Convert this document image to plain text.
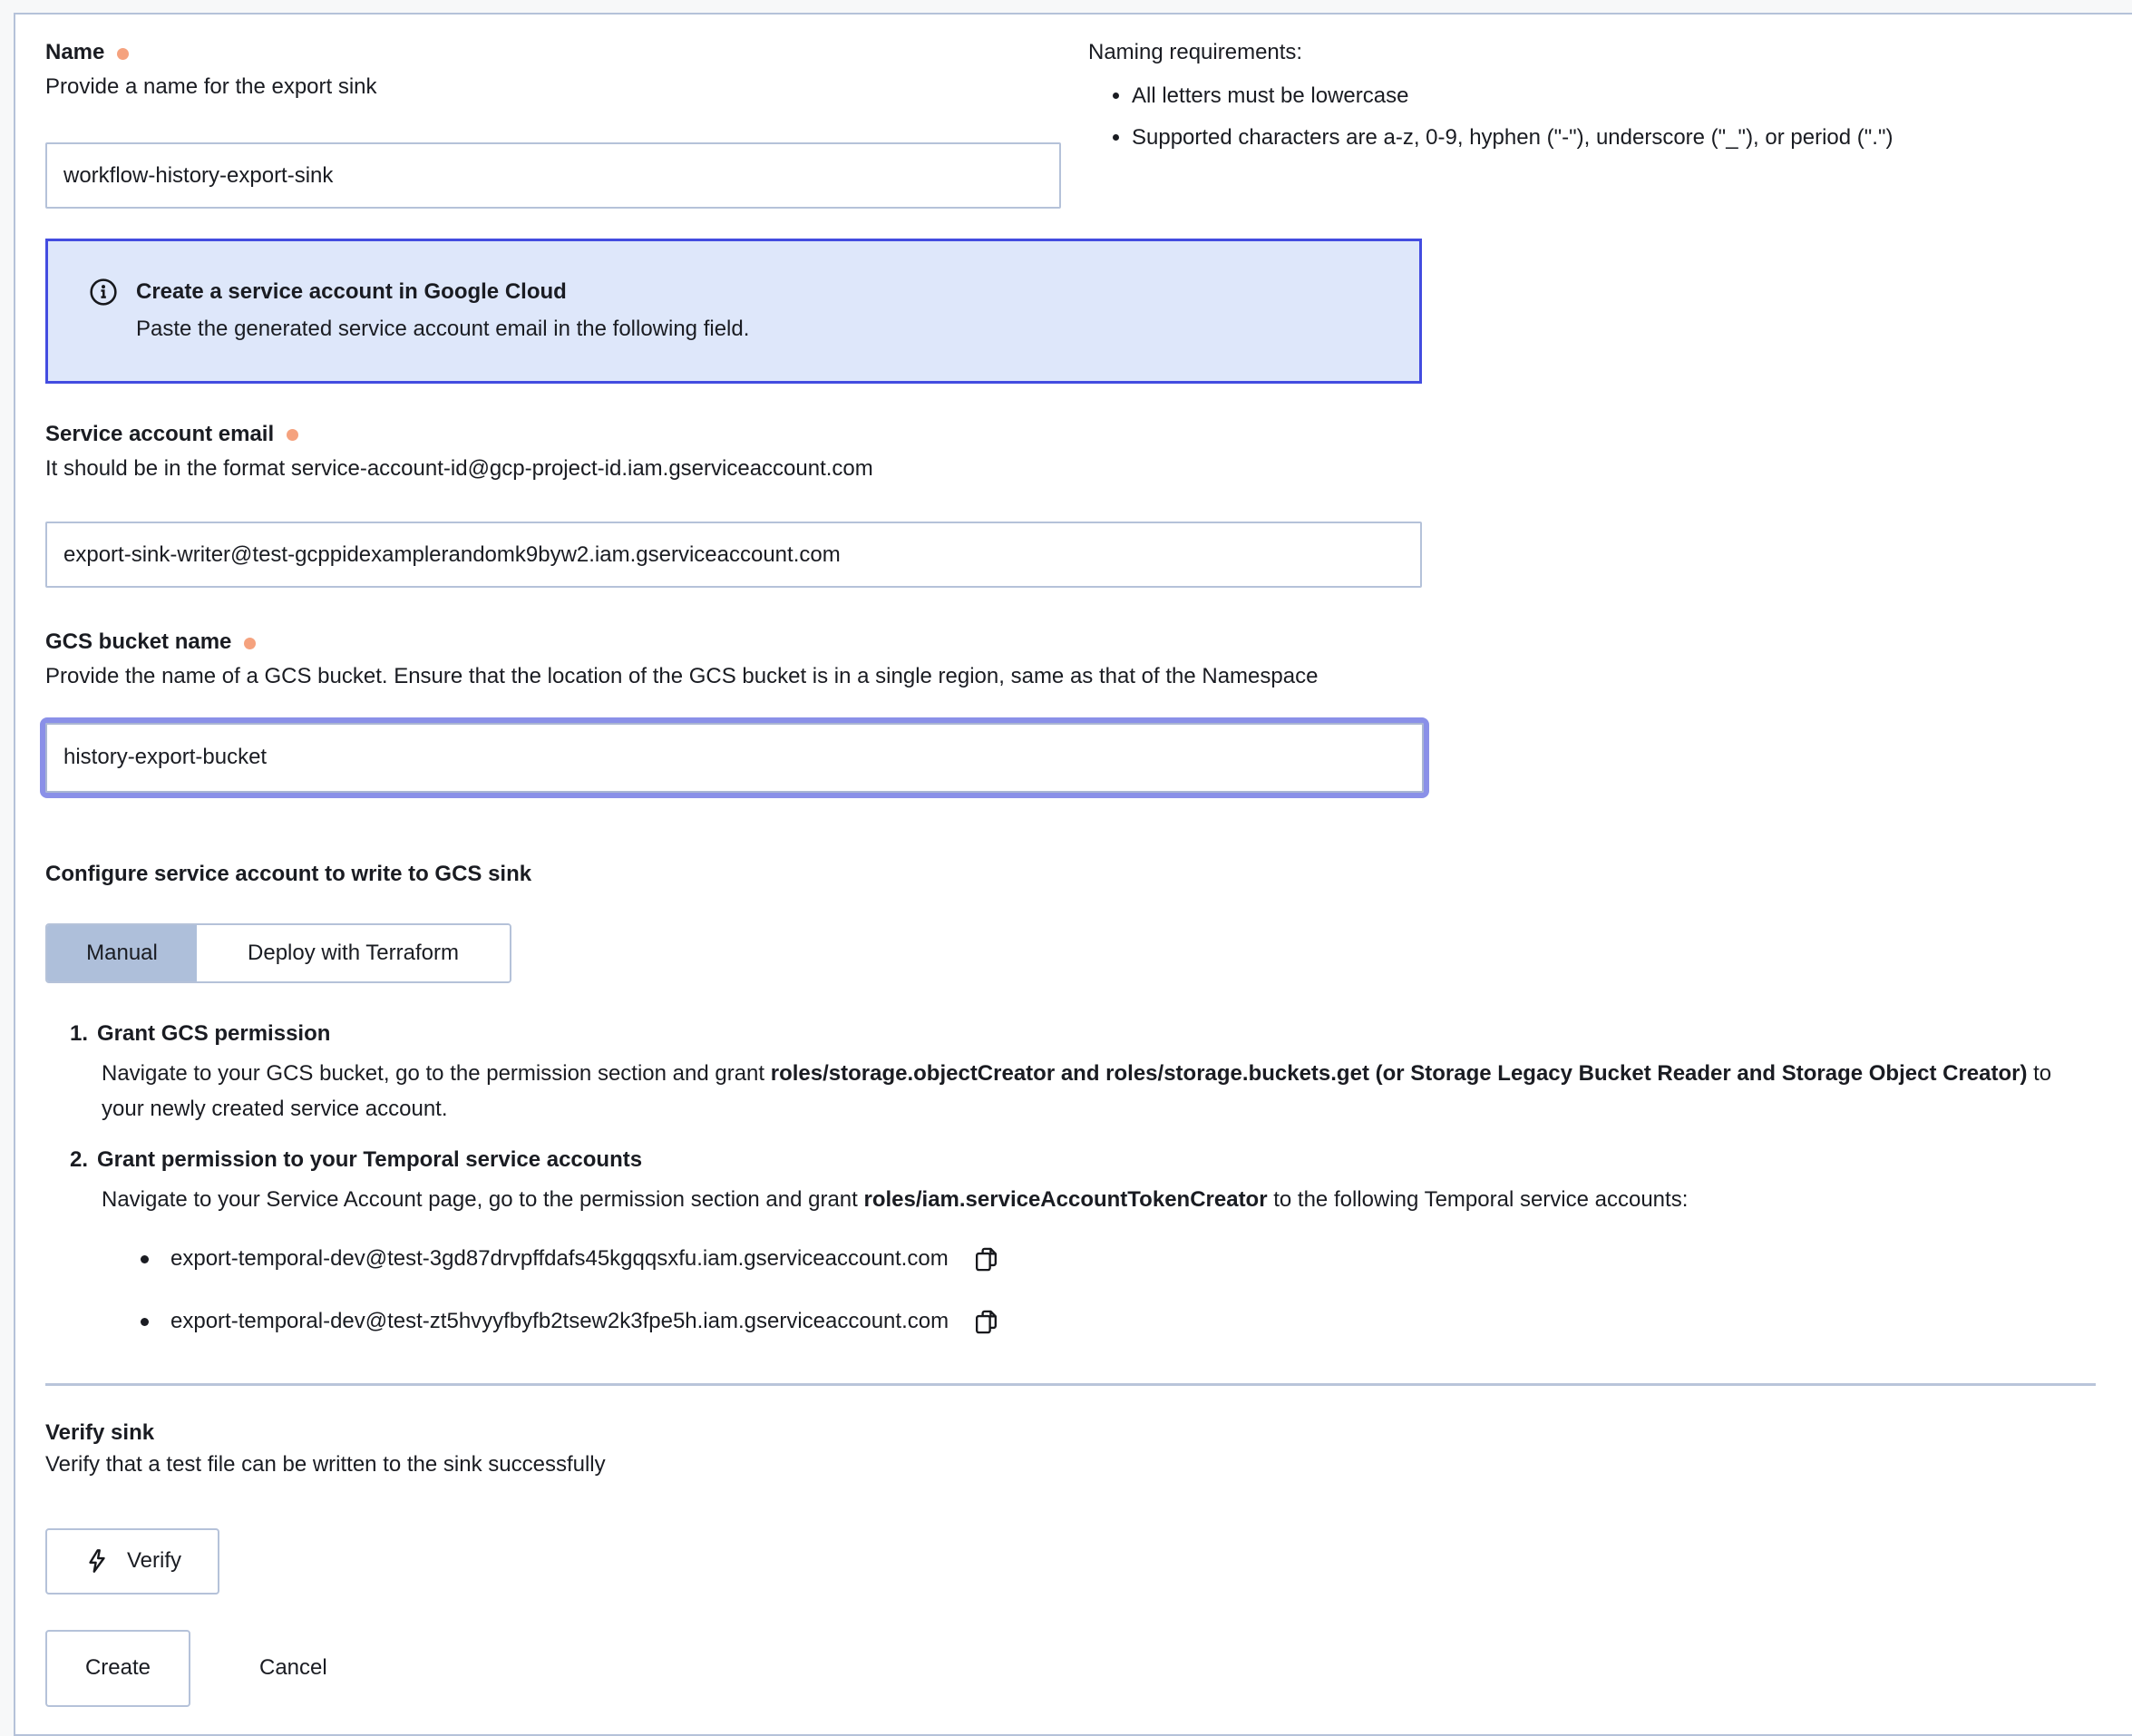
Name
Provide a name for the export sink
workflow-history-export-sink
Naming requirements:
• All letters must be lowercase
• Supported characters are a-z, 0-9, hyphen ("-"), underscore ("_"), or period (".")
Create a service account in Google Cloud
Paste the generated service account email in the following field.
Service account email
It should be in the format service-account-id@gcp-project-id.iam.gserviceaccount.com
export-sink-writer@test-gcppidexamplerandomk9byw2.iam.gserviceaccount.com
GCS bucket name
Provide the name of a GCS bucket. Ensure that the location of the GCS bucket is in a single region, same as that of the Namespace
history-export-bucket
Configure service account to write to GCS sink
Manual	Deploy with Terraform
1. Grant GCS permission
Navigate to your GCS bucket, go to the permission section and grant roles/storage.objectCreator and roles/storage.buckets.get (or Storage Legacy Bucket Reader and Storage Object Creator) to your newly created service account.
2. Grant permission to your Temporal service accounts
Navigate to your Service Account page, go to the permission section and grant roles/iam.serviceAccountTokenCreator to the following Temporal service accounts:
export-temporal-dev@test-3gd87drvpffdafs45kgqqsxfu.iam.gserviceaccount.com
export-temporal-dev@test-zt5hvyyfbyfb2tsew2k3fpe5h.iam.gserviceaccount.com
Verify sink
Verify that a test file can be written to the sink successfully
Verify
Create	Cancel
